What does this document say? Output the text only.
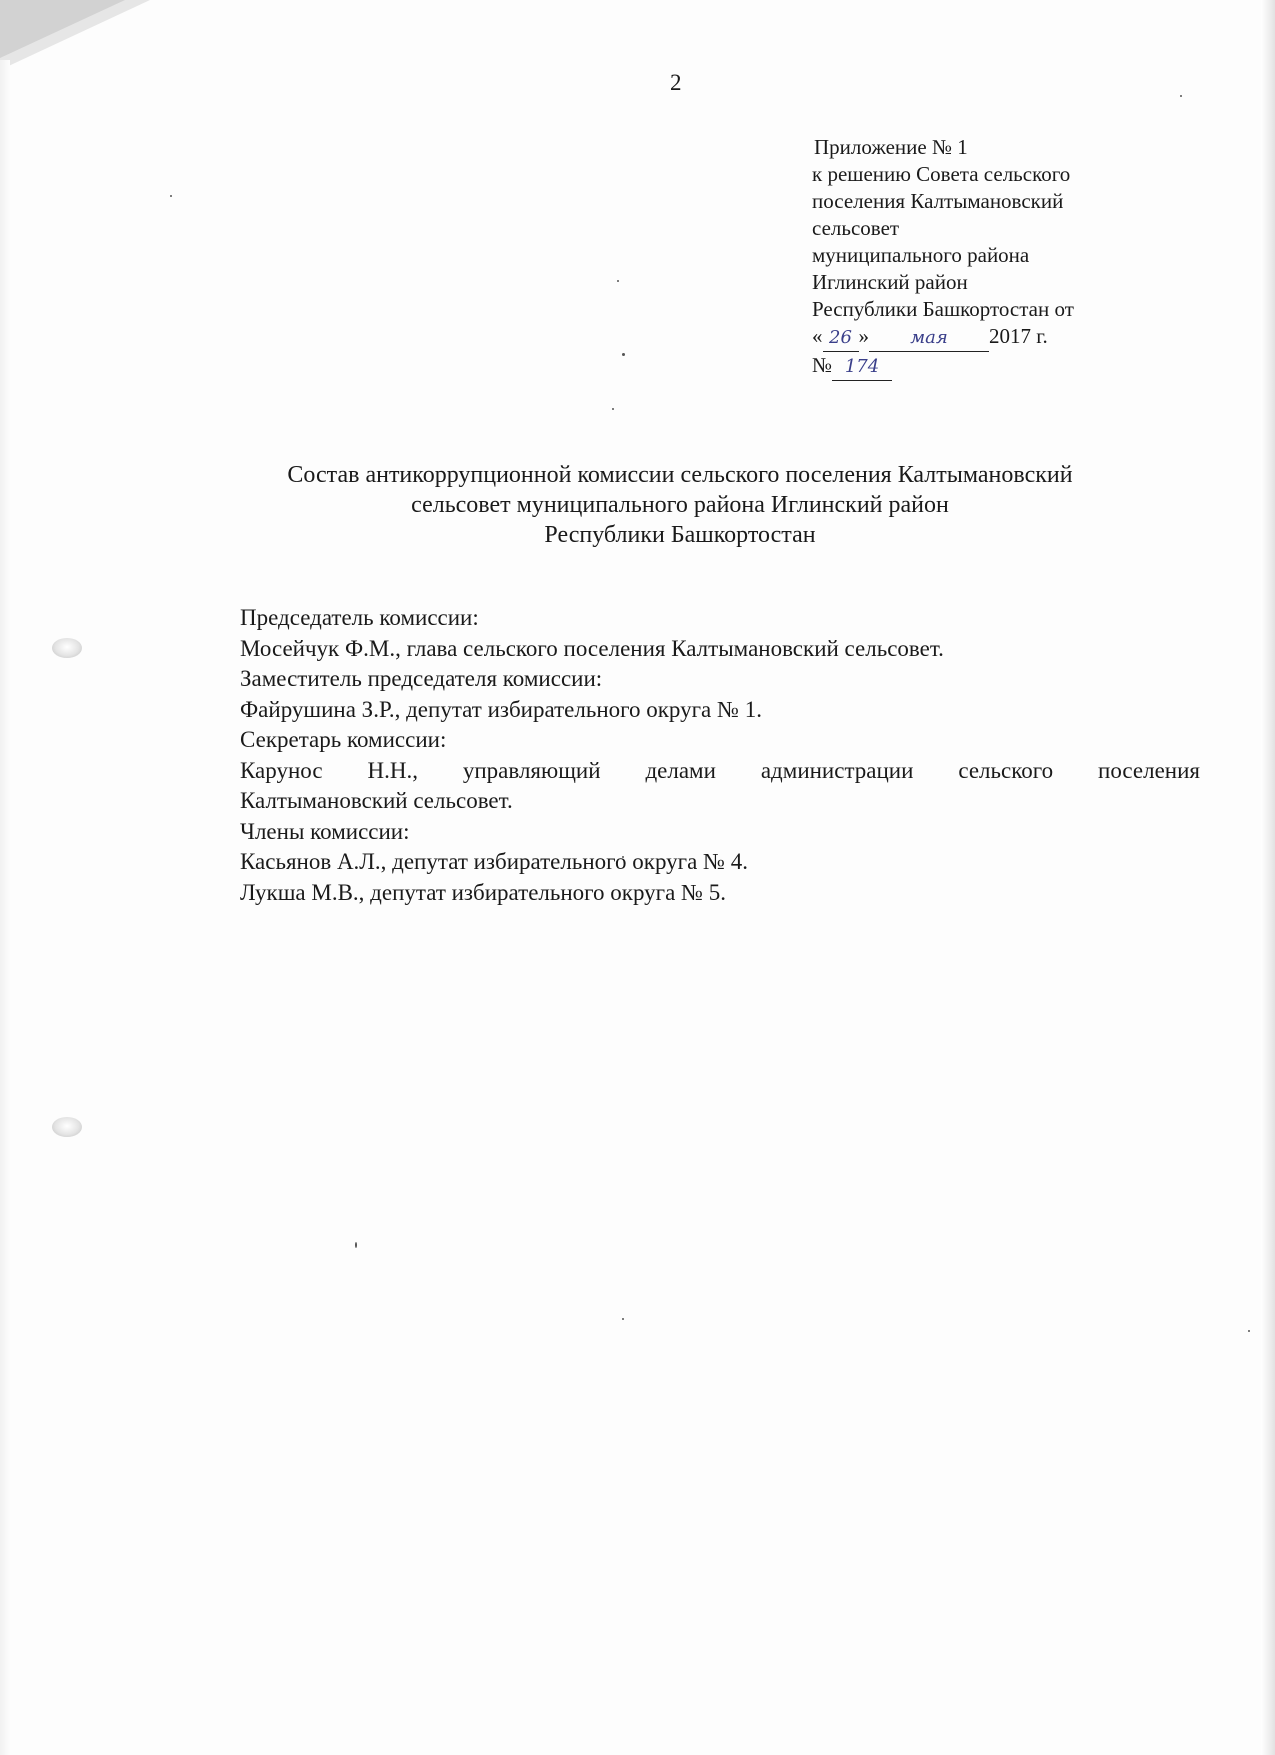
2
Приложение № 1
к решению Совета сельского
поселения Калтымановский
сельсовет
муниципального района
Иглинский район
Республики Башкортостан от
« 26 » мая 2017 г.
№ 174
Состав антикоррупционной комиссии сельского поселения Калтымановский
сельсовет муниципального района Иглинский район
Республики Башкортостан
Председатель комиссии:
Мосейчук Ф.М., глава сельского поселения Калтымановский сельсовет.
Заместитель председателя комиссии:
Файрушина З.Р., депутат избирательного округа № 1.
Секретарь комиссии:
Карунос Н.Н., управляющий делами администрации сельского поселения
Калтымановский сельсовет.
Члены комиссии:
Касьянов А.Л., депутат избирательного округа № 4.
Лукша М.В., депутат избирательного округа № 5.
